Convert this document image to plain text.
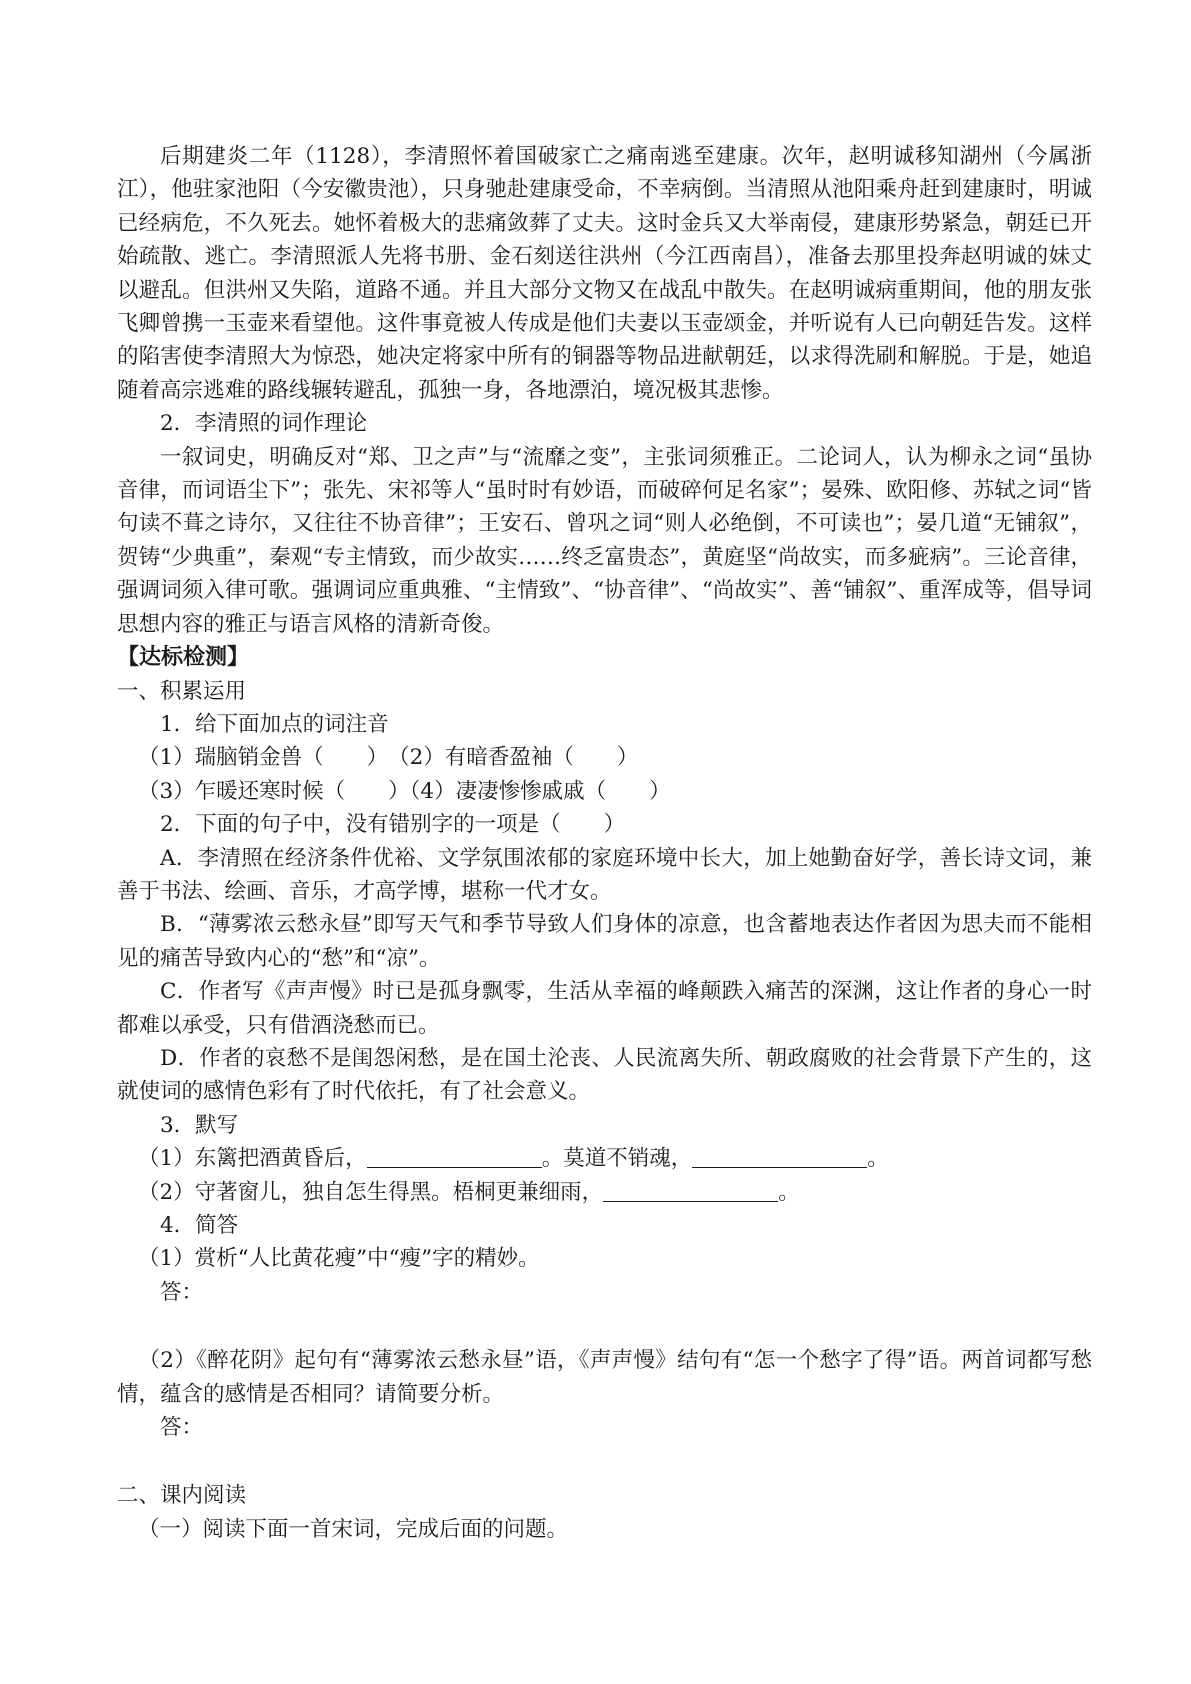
后期建炎二年（1128），李清照怀着国破家亡之痛南逃至建康。次年，赵明诚移知湖州（今属浙江），他驻家池阳（今安徽贵池），只身驰赴建康受命，不幸病倒。当清照从池阳乘舟赶到建康时，明诚已经病危，不久死去。她怀着极大的悲痛敛葬了丈夫。这时金兵又大举南侵，建康形势紧急，朝廷已开始疏散、逃亡。李清照派人先将书册、金石刻送往洪州（今江西南昌），准备去那里投奔赵明诚的妹丈以避乱。但洪州又失陷，道路不通。并且大部分文物又在战乱中散失。在赵明诚病重期间，他的朋友张飞卿曾携一玉壶来看望他。这件事竟被人传成是他们夫妻以玉壶颂金，并听说有人已向朝廷告发。这样的陷害使李清照大为惊恐，她决定将家中所有的铜器等物品进献朝廷，以求得洗刷和解脱。于是，她追随着高宗逃难的路线辗转避乱，孤独一身，各地漂泊，境况极其悲惨。

2．李清照的词作理论

一叙词史，明确反对“郑、卫之声”与“流靡之变”，主张词须雅正。二论词人，认为柳永之词“虽协音律，而词语尘下”；张先、宋祁等人“虽时时有妙语，而破碎何足名家”；晏殊、欧阳修、苏轼之词“皆句读不葺之诗尔，又往往不协音律”；王安石、曾巩之词“则人必绝倒，不可读也”；晏几道“无铺叙”，贺铸“少典重”，秦观“专主情致，而少故实……终乏富贵态”，黄庭坚“尚故实，而多疵病”。三论音律，强调词须入律可歌。强调词应重典雅、“主情致”、“协音律”、“尚故实”、善“铺叙”、重浑成等，倡导词思想内容的雅正与语言风格的清新奇俊。

【达标检测】

一、积累运用

1．给下面加点的词注音

（1）瑞脑销金兽（　　）　（2）有暗香盈袖（　　）

（3）乍暖还寒时候（　　）（4）凄凄惨惨戚戚（　　）

2．下面的句子中，没有错别字的一项是（　　）

A．李清照在经济条件优裕、文学氛围浓郁的家庭环境中长大，加上她勤奋好学，善长诗文词，兼善于书法、绘画、音乐，才高学博，堪称一代才女。

B．“薄雾浓云愁永昼”即写天气和季节导致人们身体的凉意，也含蓄地表达作者因为思夫而不能相见的痛苦导致内心的“愁”和“凉”。

C．作者写《声声慢》时已是孤身飘零，生活从幸福的峰颠跌入痛苦的深渊，这让作者的身心一时都难以承受，只有借酒浇愁而已。

D．作者的哀愁不是闺怨闲愁，是在国土沦丧、人民流离失所、朝政腐败的社会背景下产生的，这就使词的感情色彩有了时代依托，有了社会意义。

3．默写

（1）东篱把酒黄昏后，	。莫道不销魂，	。

（2）守著窗儿，独自怎生得黑。梧桐更兼细雨，	。

4．简答

（1）赏析“人比黄花瘦”中“瘦”字的精妙。

答：

（2）《醉花阴》起句有“薄雾浓云愁永昼”语，《声声慢》结句有“怎一个愁字了得”语。两首词都写愁情，蕴含的感情是否相同？请简要分析。

答：

二、课内阅读

（一）阅读下面一首宋词，完成后面的问题。
